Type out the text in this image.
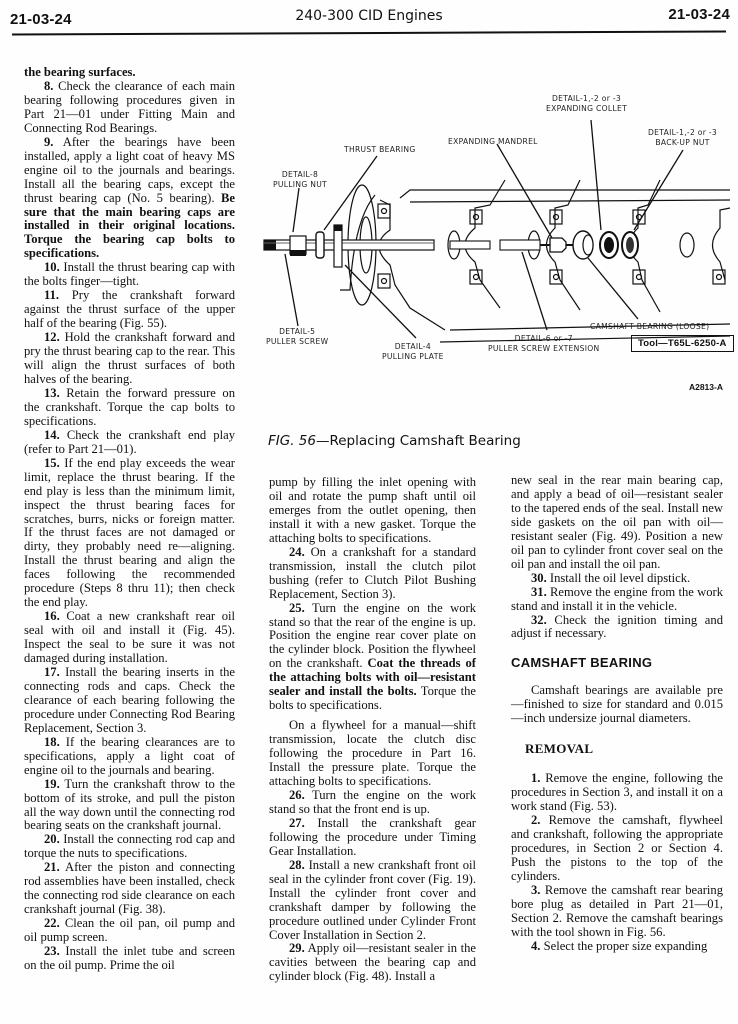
21-03-24	240-300 CID Engines	21-03-24
DETAIL-1,-2 or -3
EXPANDING COLLET
EXPANDING MANDREL
DETAIL-1,-2 or -3
BACK-UP NUT
THRUST BEARING
DETAIL-8
PULLING NUT
DETAIL-5
PULLER SCREW
DETAIL-4
PULLING PLATE
DETAIL-6 or -7
PULLER SCREW EXTENSION
CAMSHAFT BEARING (LOOSE)
Tool—T65L-6250-A
A2813-A
FIG. 56—Replacing Camshaft Bearing

the bearing surfaces.

8. Check the clearance of each main bearing following procedures given in Part 21—01 under Fitting Main and Connecting Rod Bearings.

9. After the bearings have been installed, apply a light coat of heavy MS engine oil to the journals and bearings. Install all the bearing caps, except the thrust bearing cap (No. 5 bearing). Be sure that the main bearing caps are installed in their original locations. Torque the bearing cap bolts to specifications.

10. Install the thrust bearing cap with the bolts finger—tight.

11. Pry the crankshaft forward against the thrust surface of the upper half of the bearing (Fig. 55).

12. Hold the crankshaft forward and pry the thrust bearing cap to the rear. This will align the thrust surfaces of both halves of the bearing.

13. Retain the forward pressure on the crankshaft. Torque the cap bolts to specifications.

14. Check the crankshaft end play (refer to Part 21—01).

15. If the end play exceeds the wear limit, replace the thrust bearing. If the end play is less than the minimum limit, inspect the thrust bearing faces for scratches, burrs, nicks or foreign matter. If the thrust faces are not damaged or dirty, they probably need re—aligning. Install the thrust bearing and align the faces following the recommended procedure (Steps 8 thru 11); then check the end play.

16. Coat a new crankshaft rear oil seal with oil and install it (Fig. 45). Inspect the seal to be sure it was not damaged during installation.

17. Install the bearing inserts in the connecting rods and caps. Check the clearance of each bearing following the procedure under Connecting Rod Bearing Replacement, Section 3.

18. If the bearing clearances are to specifications, apply a light coat of engine oil to the journals and bearing.

19. Turn the crankshaft throw to the bottom of its stroke, and pull the piston all the way down until the connecting rod bearing seats on the crankshaft journal.

20. Install the connecting rod cap and torque the nuts to specifications.

21. After the piston and connecting rod assemblies have been installed, check the connecting rod side clearance on each crankshaft journal (Fig. 38).

22. Clean the oil pan, oil pump and oil pump screen.

23. Install the inlet tube and screen on the oil pump. Prime the oil

pump by filling the inlet opening with oil and rotate the pump shaft until oil emerges from the outlet opening, then install it with a new gasket. Torque the attaching bolts to specifications.

24. On a crankshaft for a standard transmission, install the clutch pilot bushing (refer to Clutch Pilot Bushing Replacement, Section 3).

25. Turn the engine on the work stand so that the rear of the engine is up. Position the engine rear cover plate on the cylinder block. Position the flywheel on the crankshaft. Coat the threads of the attaching bolts with oil—resistant sealer and install the bolts. Torque the bolts to specifications.

On a flywheel for a manual—shift transmission, locate the clutch disc following the procedure in Part 16. Install the pressure plate. Torque the attaching bolts to specifications.

26. Turn the engine on the work stand so that the front end is up.

27. Install the crankshaft gear following the procedure under Timing Gear Installation.

28. Install a new crankshaft front oil seal in the cylinder front cover (Fig. 19). Install the cylinder front cover and crankshaft damper by following the procedure outlined under Cylinder Front Cover Installation in Section 2.

29. Apply oil—resistant sealer in the cavities between the bearing cap and cylinder block (Fig. 48). Install a

new seal in the rear main bearing cap, and apply a bead of oil—resistant sealer to the tapered ends of the seal. Install new side gaskets on the oil pan with oil—resistant sealer (Fig. 49). Position a new oil pan to cylinder front cover seal on the oil pan and install the oil pan.

30. Install the oil level dipstick.

31. Remove the engine from the work stand and install it in the vehicle.

32. Check the ignition timing and adjust if necessary.

CAMSHAFT BEARING

Camshaft bearings are available pre—finished to size for standard and 0.015—inch undersize journal diameters.

REMOVAL

1. Remove the engine, following the procedures in Section 3, and install it on a work stand (Fig. 53).

2. Remove the camshaft, flywheel and crankshaft, following the appropriate procedures, in Section 2 or Section 4. Push the pistons to the top of the cylinders.

3. Remove the camshaft rear bearing bore plug as detailed in Part 21—01, Section 2. Remove the camshaft bearings with the tool shown in Fig. 56.

4. Select the proper size expanding
